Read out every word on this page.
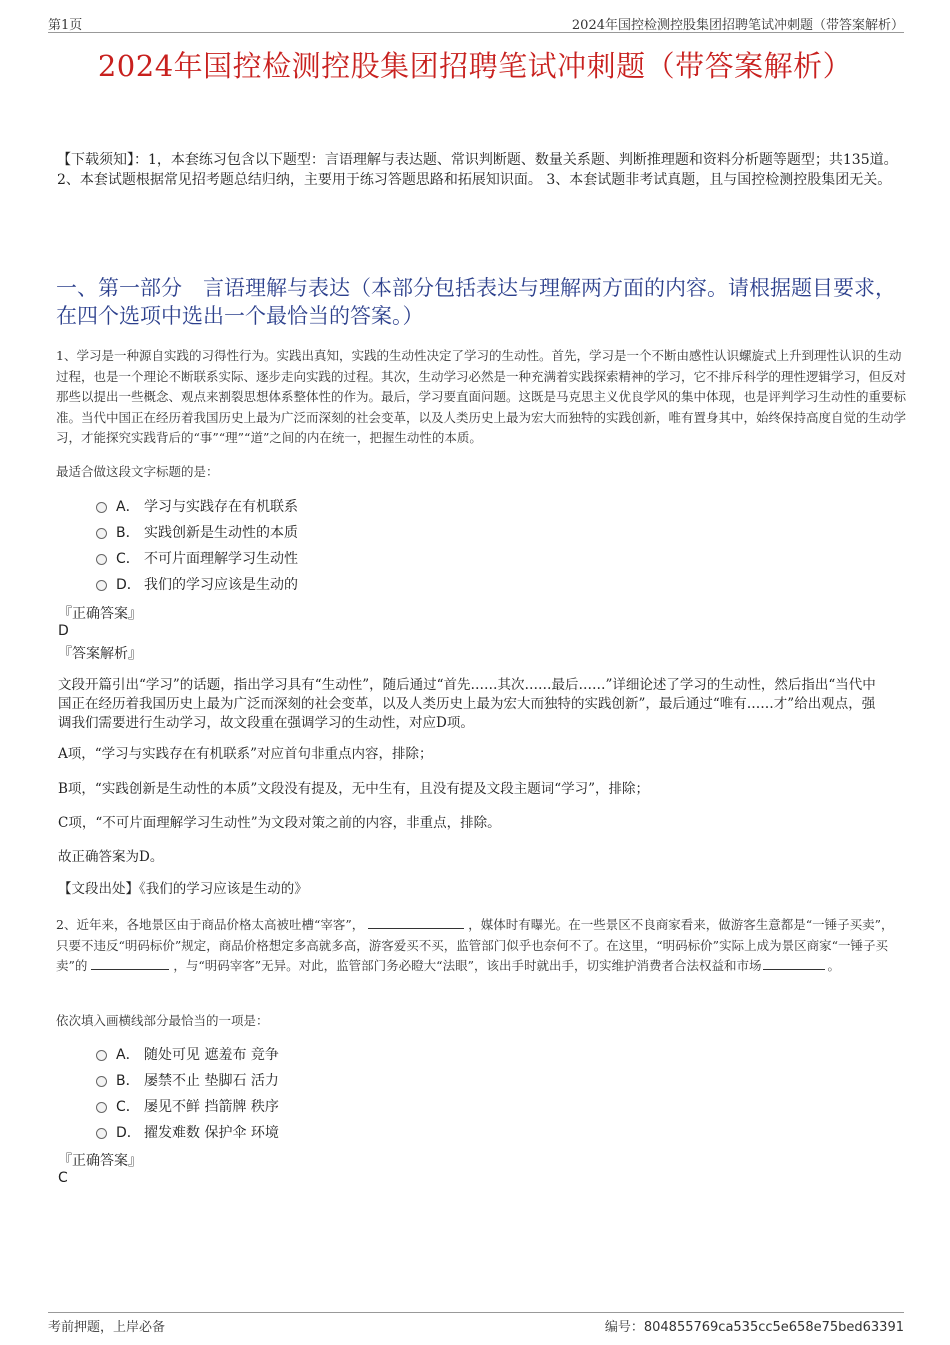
第1页	2024年国控检测控股集团招聘笔试冲刺题（带答案解析）
2024年国控检测控股集团招聘笔试冲刺题（带答案解析）
【下载须知】：1，本套练习包含以下题型：言语理解与表达题、常识判断题、数量关系题、判断推理题和资料分析题等题型；共135道。 2、本套试题根据常见招考题总结归纳，主要用于练习答题思路和拓展知识面。 3、本套试题非考试真题，且与国控检测控股集团无关。
一、第一部分　言语理解与表达（本部分包括表达与理解两方面的内容。请根据题目要求，在四个选项中选出一个最恰当的答案。）
1、学习是一种源自实践的习得性行为。实践出真知，实践的生动性决定了学习的生动性。首先，学习是一个不断由感性认识螺旋式上升到理性认识的生动过程，也是一个理论不断联系实际、逐步走向实践的过程。其次，生动学习必然是一种充满着实践探索精神的学习，它不排斥科学的理性逻辑学习，但反对那些以提出一些概念、观点来割裂思想体系整体性的作为。最后，学习要直面问题。这既是马克思主义优良学风的集中体现，也是评判学习生动性的重要标准。当代中国正在经历着我国历史上最为广泛而深刻的社会变革，以及人类历史上最为宏大而独特的实践创新，唯有置身其中，始终保持高度自觉的生动学习，才能探究实践背后的“事”“理”“道”之间的内在统一，把握生动性的本质。
最适合做这段文字标题的是：
A． 学习与实践存在有机联系
B． 实践创新是生动性的本质
C． 不可片面理解学习生动性
D． 我们的学习应该是生动的
『正确答案』
D
『答案解析』
文段开篇引出“学习”的话题，指出学习具有“生动性”，随后通过“首先……其次……最后……”详细论述了学习的生动性，然后指出“当代中国正在经历着我国历史上最为广泛而深刻的社会变革，以及人类历史上最为宏大而独特的实践创新”，最后通过“唯有……才”给出观点，强调我们需要进行生动学习，故文段重在强调学习的生动性，对应D项。
A项，“学习与实践存在有机联系”对应首句非重点内容，排除；
B项，“实践创新是生动性的本质”文段没有提及，无中生有，且没有提及文段主题词“学习”，排除；
C项，“不可片面理解学习生动性”为文段对策之前的内容，非重点，排除。
故正确答案为D。
【文段出处】《我们的学习应该是生动的》
2、近年来，各地景区由于商品价格太高被吐槽“宰客”，	，媒体时有曝光。在一些景区不良商家看来，做游客生意都是“一锤子买卖”，只要不违反“明码标价”规定，商品价格想定多高就多高，游客爱买不买，监管部门似乎也奈何不了。在这里，“明码标价”实际上成为景区商家“一锤子买卖”的	，与“明码宰客”无异。对此，监管部门务必瞪大“法眼”，该出手时就出手，切实维护消费者合法权益和市场	。
依次填入画横线部分最恰当的一项是：
A． 随处可见 遮羞布 竞争
B． 屡禁不止 垫脚石 活力
C． 屡见不鲜 挡箭牌 秩序
D． 擢发难数 保护伞 环境
『正确答案』
C
考前押题，上岸必备	编号：804855769ca535cc5e658e75bed63391
